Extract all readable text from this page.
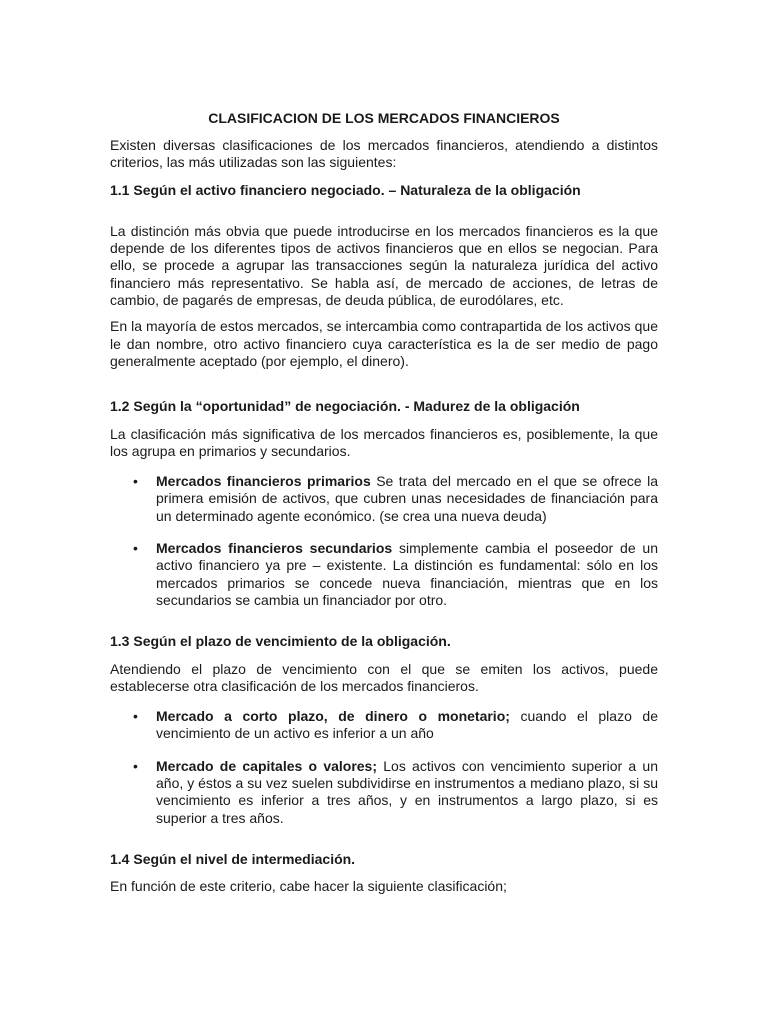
CLASIFICACION DE LOS MERCADOS FINANCIEROS

Existen diversas clasificaciones de los mercados financieros, atendiendo a distintos criterios, las más utilizadas son las siguientes:

1.1 Según el activo financiero negociado. – Naturaleza de la obligación

La distinción más obvia que puede introducirse en los mercados financieros es la que depende de los diferentes tipos de activos financieros que en ellos se negocian. Para ello, se procede a agrupar las transacciones según la naturaleza jurídica del activo financiero más representativo. Se habla así, de mercado de acciones, de letras de cambio, de pagarés de empresas, de deuda pública, de eurodólares, etc.

En la mayoría de estos mercados, se intercambia como contrapartida de los activos que le dan nombre, otro activo financiero cuya característica es la de ser medio de pago generalmente aceptado (por ejemplo, el dinero).

1.2 Según la “oportunidad” de negociación. - Madurez de la obligación

La clasificación más significativa de los mercados financieros es, posiblemente, la que los agrupa en primarios y secundarios.

• Mercados financieros primarios Se trata del mercado en el que se ofrece la primera emisión de activos, que cubren unas necesidades de financiación para un determinado agente económico. (se crea una nueva deuda)
• Mercados financieros secundarios simplemente cambia el poseedor de un activo financiero ya pre – existente. La distinción es fundamental: sólo en los mercados primarios se concede nueva financiación, mientras que en los secundarios se cambia un financiador por otro.
1.3 Según el plazo de vencimiento de la obligación.

Atendiendo el plazo de vencimiento con el que se emiten los activos, puede establecerse otra clasificación de los mercados financieros.

• Mercado a corto plazo, de dinero o monetario; cuando el plazo de vencimiento de un activo es inferior a un año
• Mercado de capitales o valores; Los activos con vencimiento superior a un año, y éstos a su vez suelen subdividirse en instrumentos a mediano plazo, si su vencimiento es inferior a tres años, y en instrumentos a largo plazo, si es superior a tres años.
1.4 Según el nivel de intermediación.

En función de este criterio, cabe hacer la siguiente clasificación;
